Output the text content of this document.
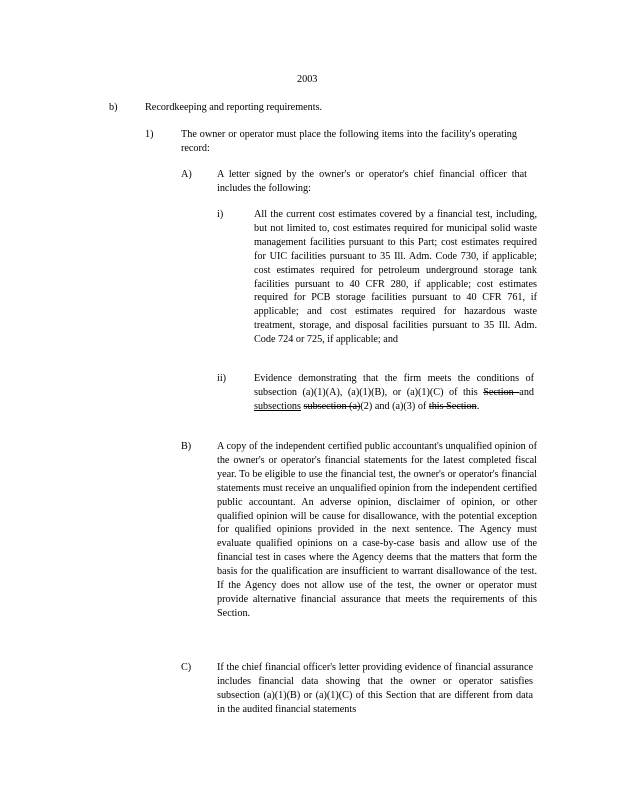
2003
b)	Recordkeeping and reporting requirements.
1)	The owner or operator must place the following items into the facility's operating record:
A) A letter signed by the owner's or operator's chief financial officer that includes the following:
i)	All the current cost estimates covered by a financial test, including, but not limited to, cost estimates required for municipal solid waste management facilities pursuant to this Part; cost estimates required for UIC facilities pursuant to 35 Ill. Adm. Code 730, if applicable; cost estimates required for petroleum underground storage tank facilities pursuant to 40 CFR 280, if applicable; cost estimates required for PCB storage facilities pursuant to 40 CFR 761, if applicable; and cost estimates required for hazardous waste treatment, storage, and disposal facilities pursuant to 35 Ill. Adm. Code 724 or 725, if applicable; and
ii)	Evidence demonstrating that the firm meets the conditions of subsection (a)(1)(A), (a)(1)(B), or (a)(1)(C) of this Section and subsections subsection (a)(2) and (a)(3) of this Section.
B)	A copy of the independent certified public accountant's unqualified opinion of the owner's or operator's financial statements for the latest completed fiscal year. To be eligible to use the financial test, the owner's or operator's financial statements must receive an unqualified opinion from the independent certified public accountant. An adverse opinion, disclaimer of opinion, or other qualified opinion will be cause for disallowance, with the potential exception for qualified opinions provided in the next sentence. The Agency must evaluate qualified opinions on a case-by-case basis and allow use of the financial test in cases where the Agency deems that the matters that form the basis for the qualification are insufficient to warrant disallowance of the test. If the Agency does not allow use of the test, the owner or operator must provide alternative financial assurance that meets the requirements of this Section.
C)	If the chief financial officer's letter providing evidence of financial assurance includes financial data showing that the owner or operator satisfies subsection (a)(1)(B) or (a)(1)(C) of this Section that are different from data in the audited financial statements
